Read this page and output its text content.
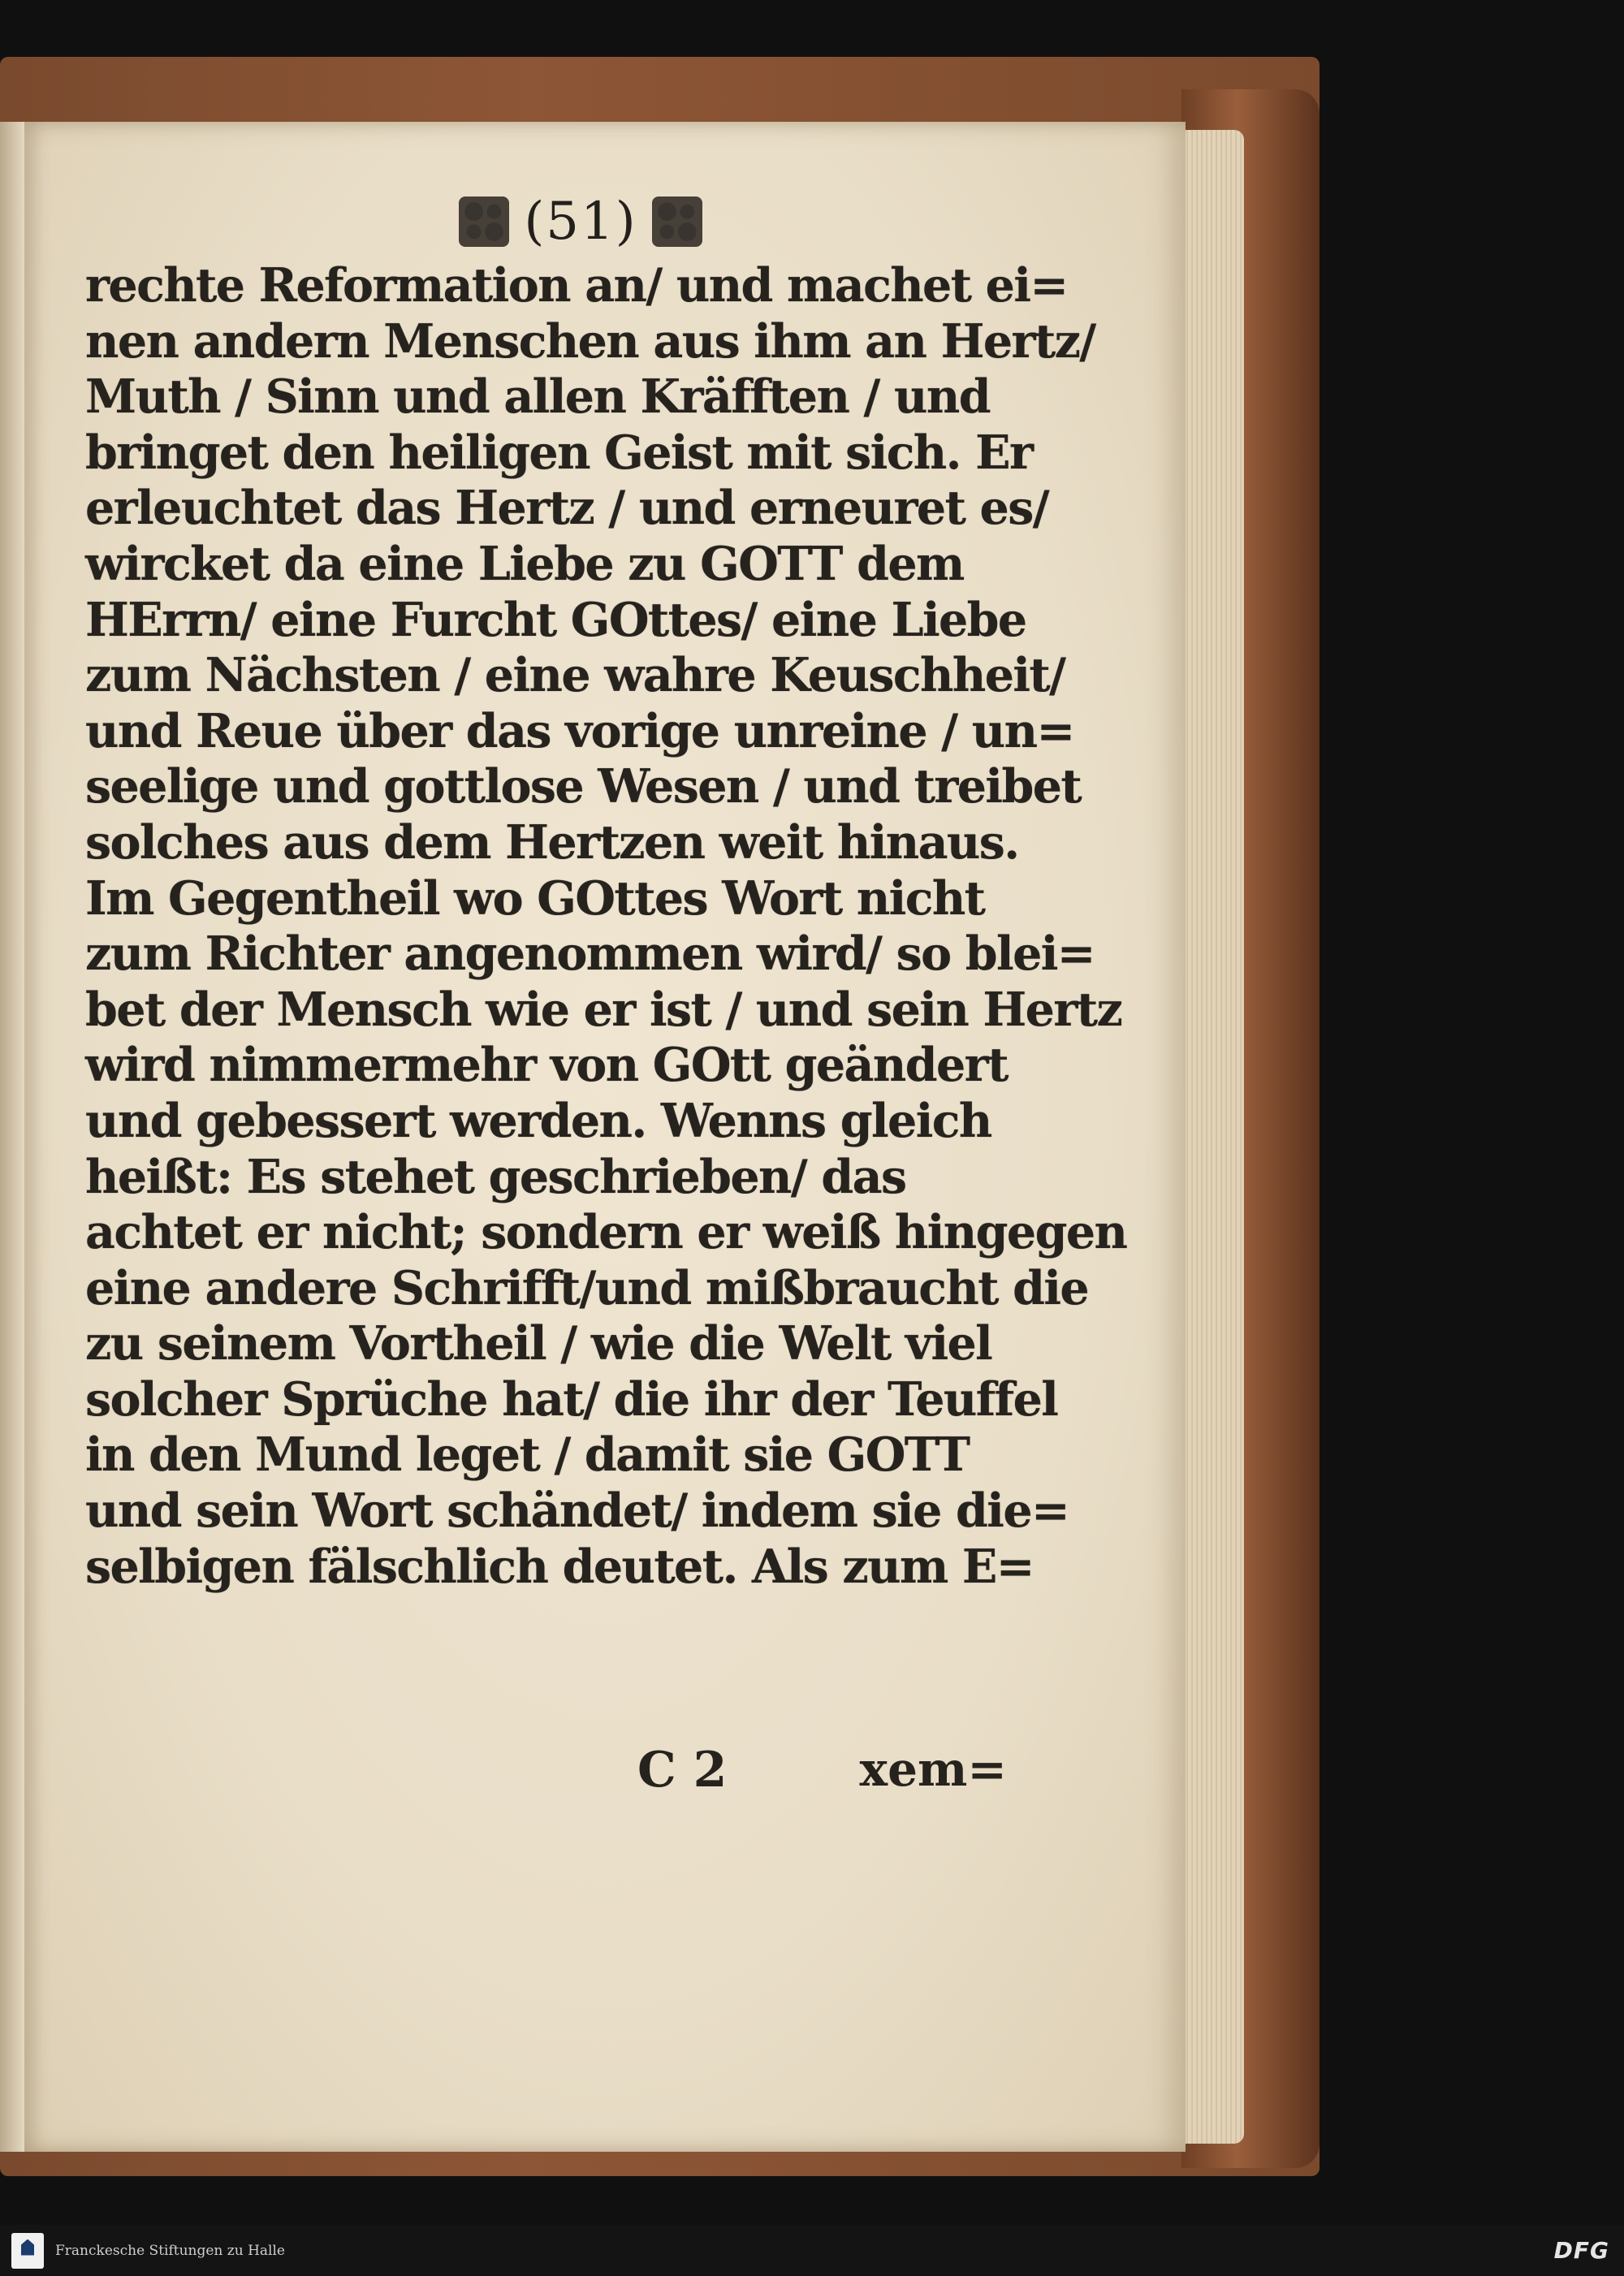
(51)
rechte Reformation an/ und machet ei=
nen andern Menschen aus ihm an Hertz/
Muth / Sinn und allen Kräfften / und
bringet den heiligen Geist mit sich. Er
erleuchtet das Hertz / und erneuret es/
wircket da eine Liebe zu GOTT dem
HErrn/ eine Furcht GOttes/ eine Liebe
zum Nächsten / eine wahre Keuschheit/
und Reue über das vorige unreine / un=
seelige und gottlose Wesen / und treibet
solches aus dem Hertzen weit hinaus.
Im Gegentheil wo GOttes Wort nicht
zum Richter angenommen wird/ so blei=
bet der Mensch wie er ist / und sein Hertz
wird nimmermehr von GOtt geändert
und gebessert werden. Wenns gleich
heißt: Es stehet geschrieben/ das
achtet er nicht; sondern er weiß hingegen
eine andere Schrifft/und mißbraucht die
zu seinem Vortheil / wie die Welt viel
solcher Sprüche hat/ die ihr der Teuffel
in den Mund leget / damit sie GOTT
und sein Wort schändet/ indem sie die=
selbigen fälschlich deutet. Als zum E=
C 2	xem=
Franckesche Stiftungen zu Halle	DFG
